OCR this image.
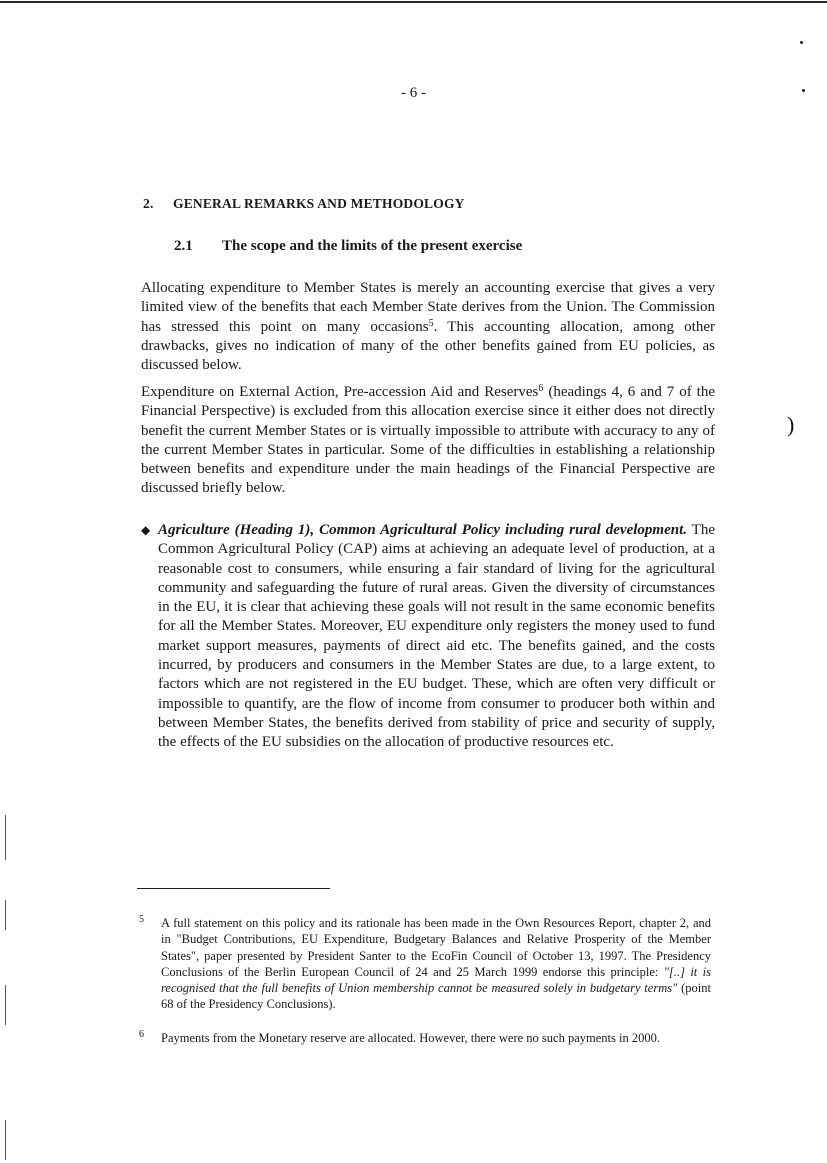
)
- 6 -
2. GENERAL REMARKS AND METHODOLOGY
2.1 The scope and the limits of the present exercise
Allocating expenditure to Member States is merely an accounting exercise that gives a very limited view of the benefits that each Member State derives from the Union. The Commission has stressed this point on many occasions$^5$. This accounting allocation, among other drawbacks, gives no indication of many of the other benefits gained from EU policies, as discussed below.
Expenditure on External Action, Pre-accession Aid and Reserves$^6$ (headings 4, 6 and 7 of the Financial Perspective) is excluded from this allocation exercise since it either does not directly benefit the current Member States or is virtually impossible to attribute with accuracy to any of the current Member States in particular. Some of the difficulties in establishing a relationship between benefits and expenditure under the main headings of the Financial Perspective are discussed briefly below.
◆ Agriculture (Heading 1), Common Agricultural Policy including rural development. The Common Agricultural Policy (CAP) aims at achieving an adequate level of production, at a reasonable cost to consumers, while ensuring a fair standard of living for the agricultural community and safeguarding the future of rural areas. Given the diversity of circumstances in the EU, it is clear that achieving these goals will not result in the same economic benefits for all the Member States. Moreover, EU expenditure only registers the money used to fund market support measures, payments of direct aid etc. The benefits gained, and the costs incurred, by producers and consumers in the Member States are due, to a large extent, to factors which are not registered in the EU budget. These, which are often very difficult or impossible to quantify, are the flow of income from consumer to producer both within and between Member States, the benefits derived from stability of price and security of supply, the effects of the EU subsidies on the allocation of productive resources etc.
5 A full statement on this policy and its rationale has been made in the Own Resources Report, chapter 2, and in "Budget Contributions, EU Expenditure, Budgetary Balances and Relative Prosperity of the Member States", paper presented by President Santer to the EcoFin Council of October 13, 1997. The Presidency Conclusions of the Berlin European Council of 24 and 25 March 1999 endorse this principle: "[..] it is recognised that the full benefits of Union membership cannot be measured solely in budgetary terms" (point 68 of the Presidency Conclusions).
6 Payments from the Monetary reserve are allocated. However, there were no such payments in 2000.
